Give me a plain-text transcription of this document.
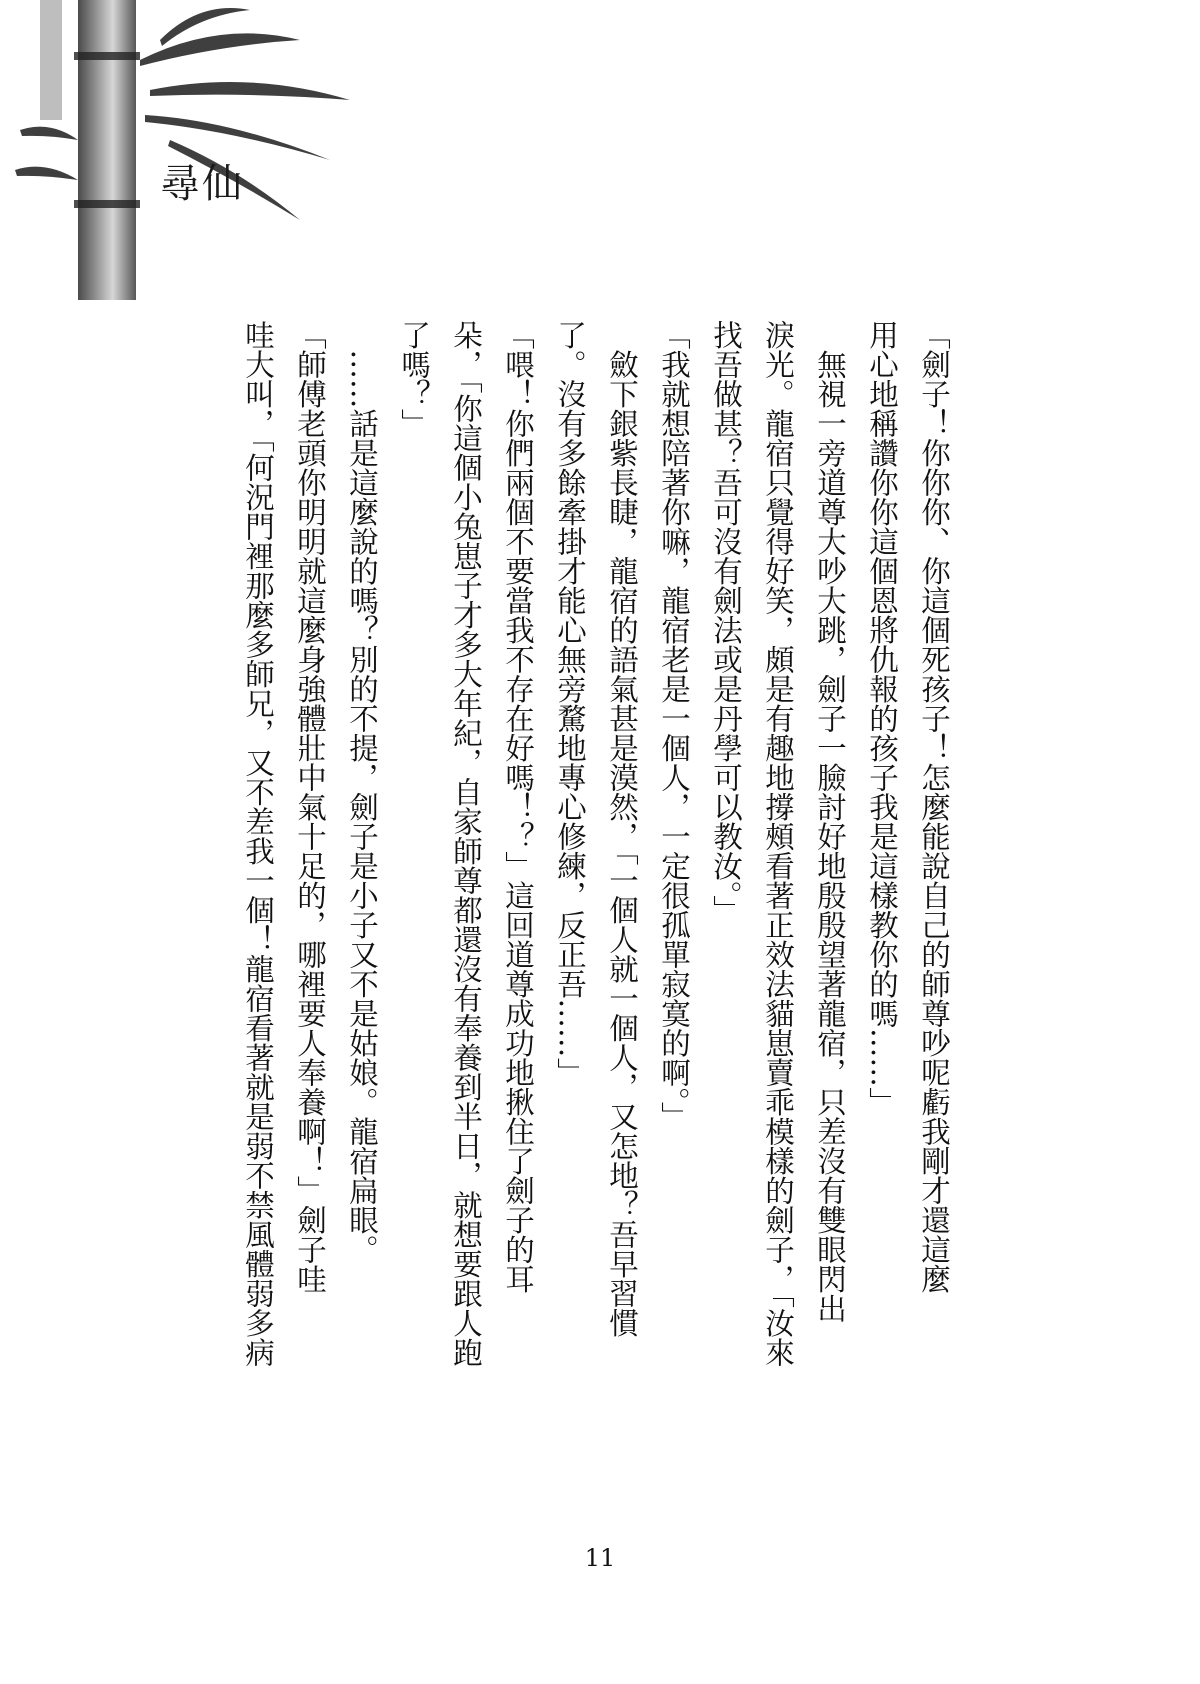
尋仙
「劍子！你你你、你這個死孩子！怎麼能說自己的師尊吵呢虧我剛才還這麼
用心地稱讚你你這個恩將仇報的孩子我是這樣教你的嗎……」
　無視一旁道尊大吵大跳，劍子一臉討好地殷殷望著龍宿，只差沒有雙眼閃出
淚光。龍宿只覺得好笑，頗是有趣地撐頰看著正效法貓崽賣乖模樣的劍子，「汝來
找吾做甚？吾可沒有劍法或是丹學可以教汝。」
「我就想陪著你嘛，龍宿老是一個人，一定很孤單寂寞的啊。」
　斂下銀紫長睫，龍宿的語氣甚是漠然，「一個人就一個人，又怎地？吾早習慣
了。沒有多餘牽掛才能心無旁騖地專心修練，反正吾……」
「喂！你們兩個不要當我不存在好嗎！？」這回道尊成功地揪住了劍子的耳
朵，「你這個小兔崽子才多大年紀，自家師尊都還沒有奉養到半日，就想要跟人跑
了嗎？」
　……話是這麼說的嗎？別的不提，劍子是小子又不是姑娘。龍宿扁眼。
「師傅老頭你明明就這麼身強體壯中氣十足的，哪裡要人奉養啊！」劍子哇
哇大叫，「何況門裡那麼多師兄，又不差我一個！龍宿看著就是弱不禁風體弱多病
11
